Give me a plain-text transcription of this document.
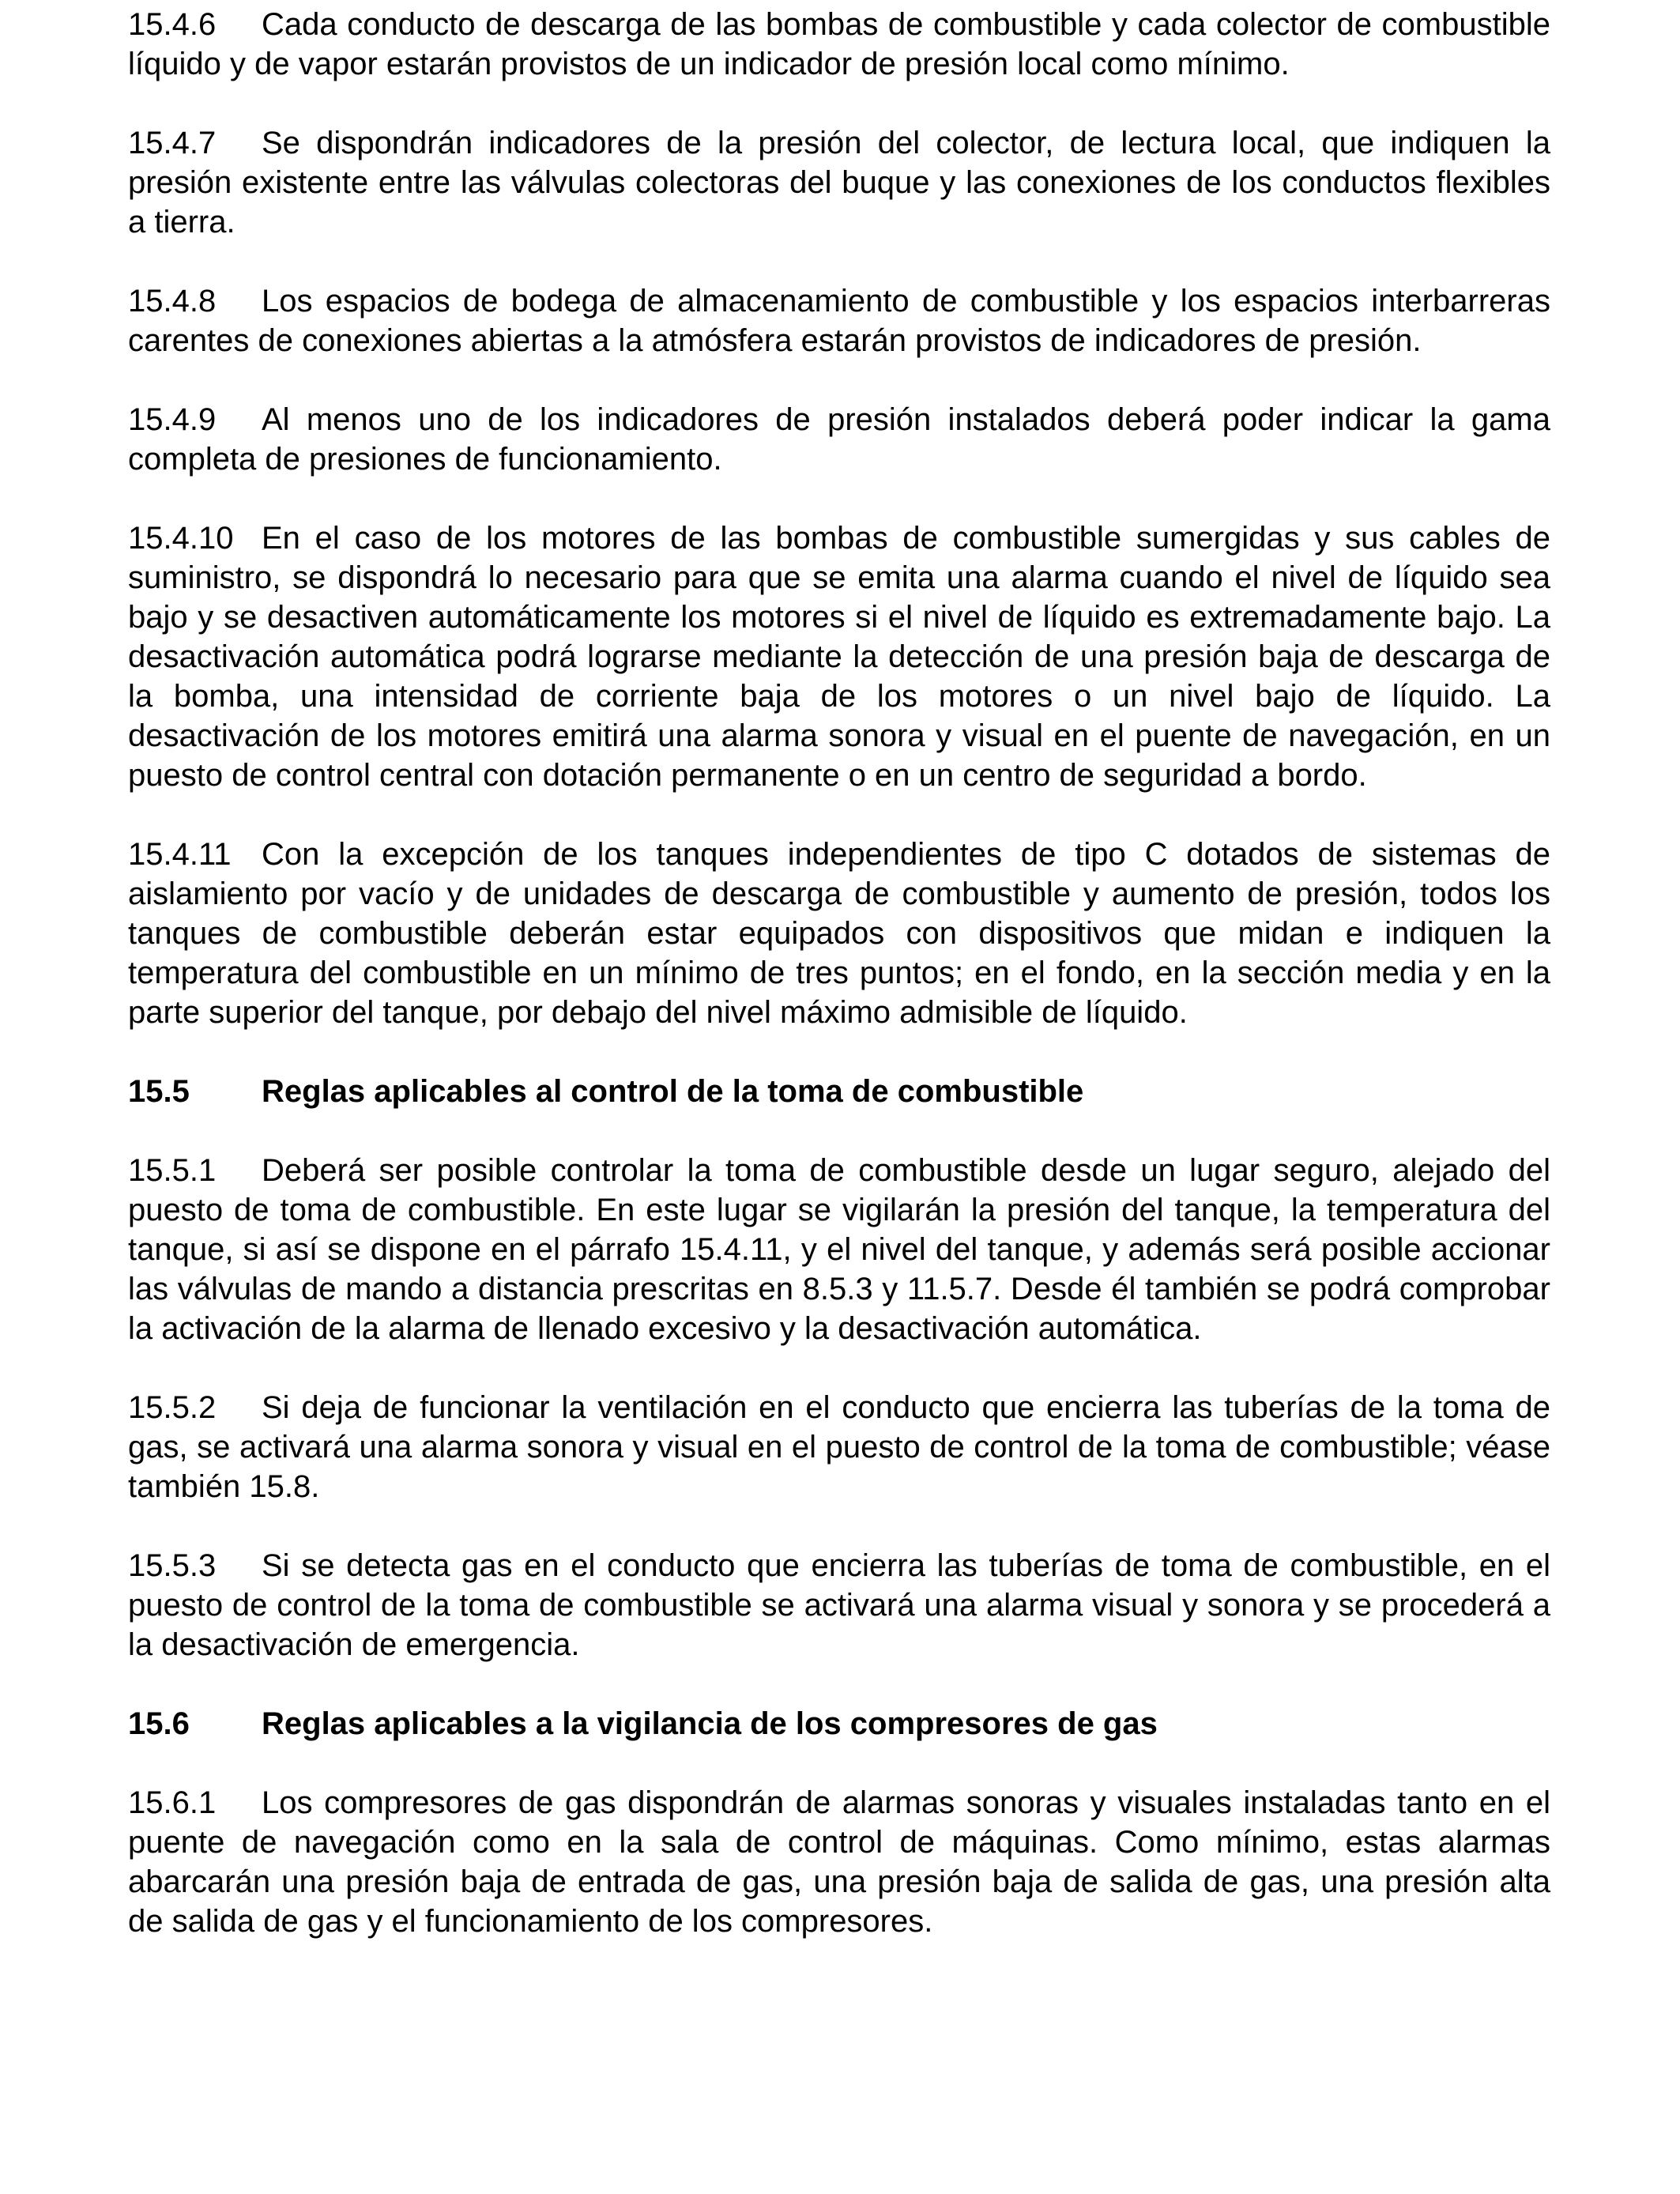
15.4.6 Cada conducto de descarga de las bombas de combustible y cada colector de combustible líquido y de vapor estarán provistos de un indicador de presión local como mínimo.

15.4.7 Se dispondrán indicadores de la presión del colector, de lectura local, que indiquen la presión existente entre las válvulas colectoras del buque y las conexiones de los conductos flexibles a tierra.

15.4.8 Los espacios de bodega de almacenamiento de combustible y los espacios interbarreras carentes de conexiones abiertas a la atmósfera estarán provistos de indicadores de presión.

15.4.9 Al menos uno de los indicadores de presión instalados deberá poder indicar la gama completa de presiones de funcionamiento.

15.4.10 En el caso de los motores de las bombas de combustible sumergidas y sus cables de suministro, se dispondrá lo necesario para que se emita una alarma cuando el nivel de líquido sea bajo y se desactiven automáticamente los motores si el nivel de líquido es extremadamente bajo. La desactivación automática podrá lograrse mediante la detección de una presión baja de descarga de la bomba, una intensidad de corriente baja de los motores o un nivel bajo de líquido. La desactivación de los motores emitirá una alarma sonora y visual en el puente de navegación, en un puesto de control central con dotación permanente o en un centro de seguridad a bordo.

15.4.11 Con la excepción de los tanques independientes de tipo C dotados de sistemas de aislamiento por vacío y de unidades de descarga de combustible y aumento de presión, todos los tanques de combustible deberán estar equipados con dispositivos que midan e indiquen la temperatura del combustible en un mínimo de tres puntos; en el fondo, en la sección media y en la parte superior del tanque, por debajo del nivel máximo admisible de líquido.

15.5	Reglas aplicables al control de la toma de combustible

15.5.1 Deberá ser posible controlar la toma de combustible desde un lugar seguro, alejado del puesto de toma de combustible. En este lugar se vigilarán la presión del tanque, la temperatura del tanque, si así se dispone en el párrafo 15.4.11, y el nivel del tanque, y además será posible accionar las válvulas de mando a distancia prescritas en 8.5.3 y 11.5.7. Desde él también se podrá comprobar la activación de la alarma de llenado excesivo y la desactivación automática.

15.5.2 Si deja de funcionar la ventilación en el conducto que encierra las tuberías de la toma de gas, se activará una alarma sonora y visual en el puesto de control de la toma de combustible; véase también 15.8.

15.5.3 Si se detecta gas en el conducto que encierra las tuberías de toma de combustible, en el puesto de control de la toma de combustible se activará una alarma visual y sonora y se procederá a la desactivación de emergencia.

15.6	Reglas aplicables a la vigilancia de los compresores de gas

15.6.1 Los compresores de gas dispondrán de alarmas sonoras y visuales instaladas tanto en el puente de navegación como en la sala de control de máquinas. Como mínimo, estas alarmas abarcarán una presión baja de entrada de gas, una presión baja de salida de gas, una presión alta de salida de gas y el funcionamiento de los compresores.
